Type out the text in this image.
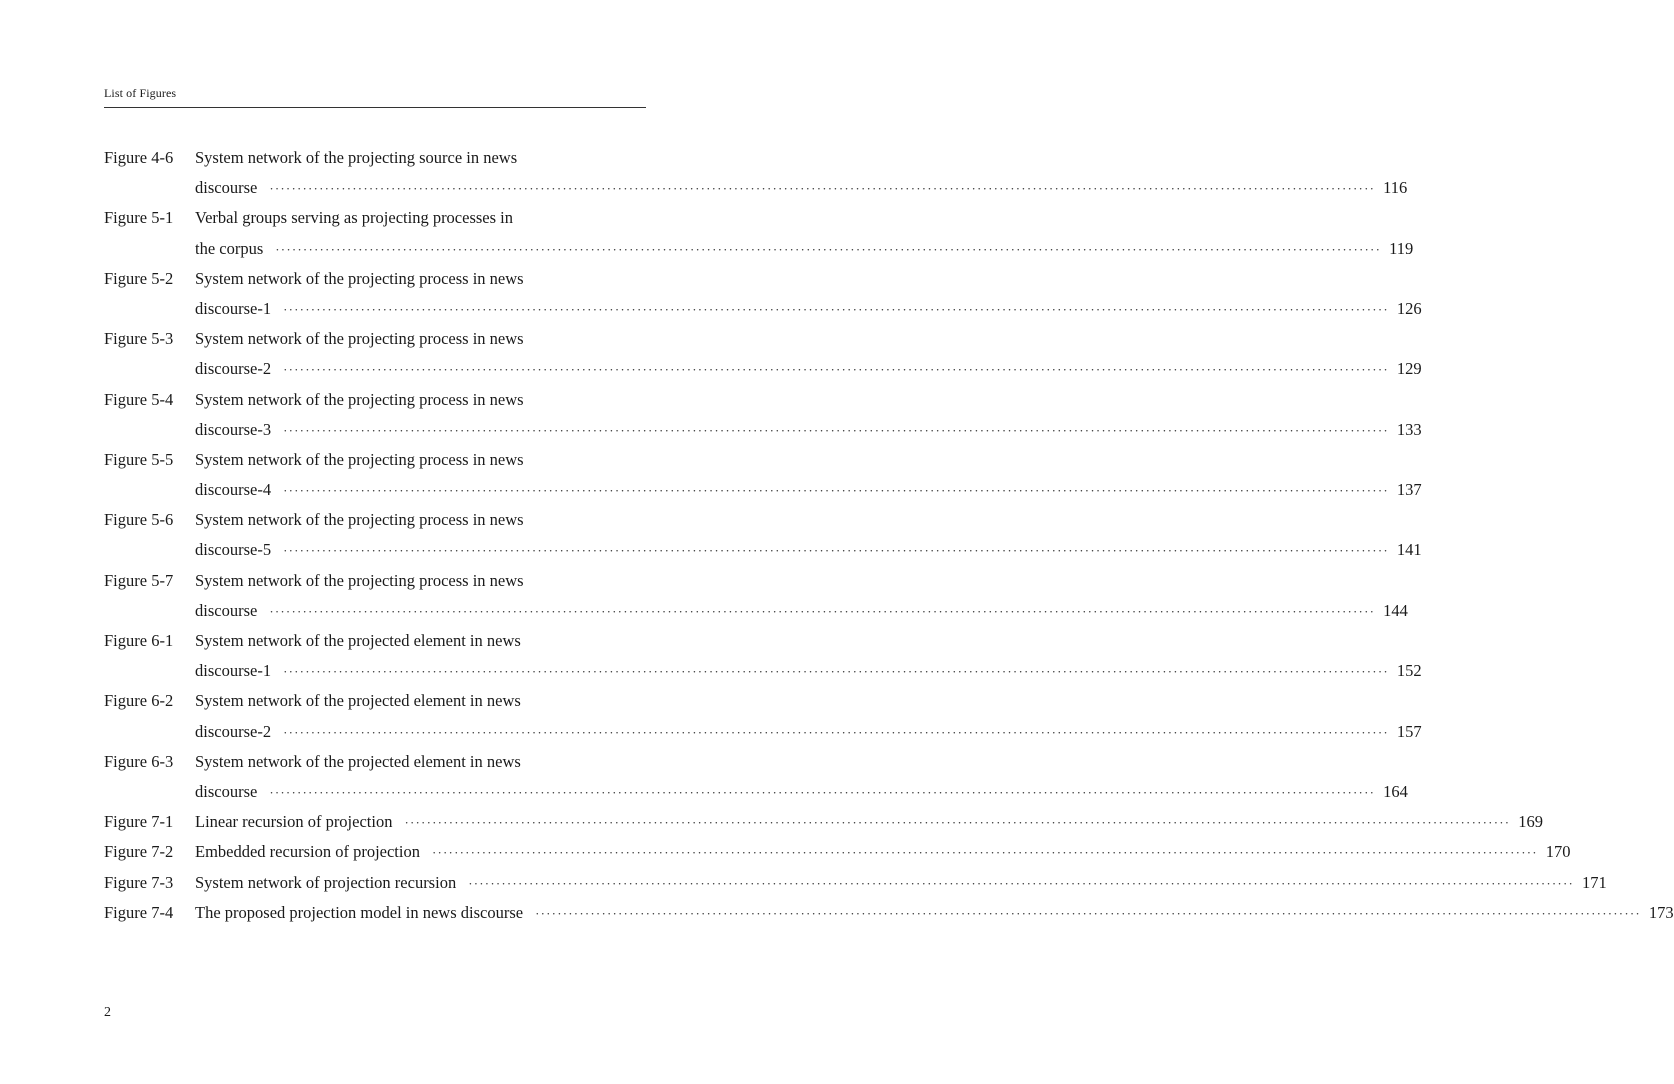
List of Figures
Figure 4-6 System network of the projecting source in news
discourse ········································································································································································································ 116
Figure 5-1 Verbal groups serving as projecting processes in
the corpus ········································································································································································································ 119
Figure 5-2 System network of the projecting process in news
discourse-1 ········································································································································································································ 126
Figure 5-3 System network of the projecting process in news
discourse-2 ········································································································································································································ 129
Figure 5-4 System network of the projecting process in news
discourse-3 ········································································································································································································ 133
Figure 5-5 System network of the projecting process in news
discourse-4 ········································································································································································································ 137
Figure 5-6 System network of the projecting process in news
discourse-5 ········································································································································································································ 141
Figure 5-7 System network of the projecting process in news
discourse ········································································································································································································ 144
Figure 6-1 System network of the projected element in news
discourse-1 ········································································································································································································ 152
Figure 6-2 System network of the projected element in news
discourse-2 ········································································································································································································ 157
Figure 6-3 System network of the projected element in news
discourse ········································································································································································································ 164
Figure 7-1 Linear recursion of projection ········································································································································································································ 169
Figure 7-2 Embedded recursion of projection ········································································································································································································ 170
Figure 7-3 System network of projection recursion ········································································································································································································ 171
Figure 7-4 The proposed projection model in news discourse ········································································································································································································ 173
2
